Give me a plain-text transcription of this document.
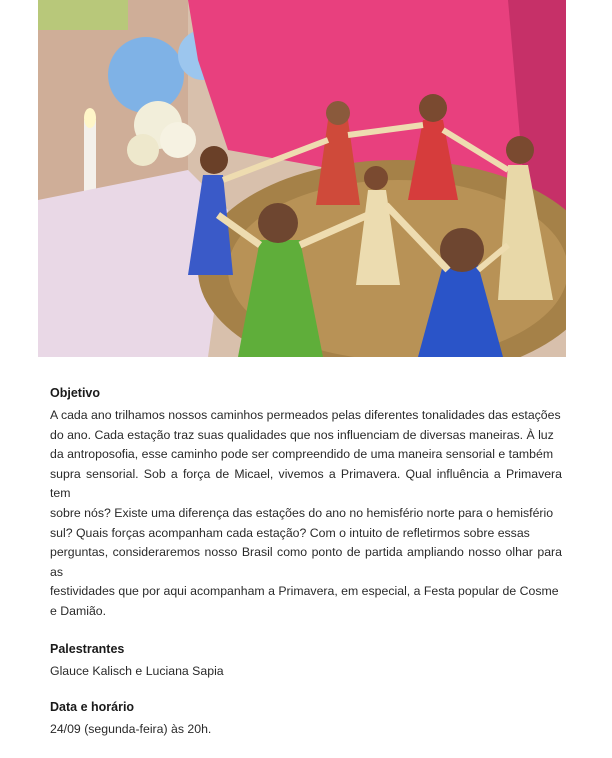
Objetivo

A cada ano trilhamos nossos caminhos permeados pelas diferentes tonalidades das estações
do ano. Cada estação traz suas qualidades que nos influenciam de diversas maneiras. À luz
da antroposofia, esse caminho pode ser compreendido de uma maneira sensorial e também
supra sensorial. Sob a força de Micael, vivemos a Primavera. Qual influência a Primavera tem
sobre nós? Existe uma diferença das estações do ano no hemisfério norte para o hemisfério
sul? Quais forças acompanham cada estação? Com o intuito de refletirmos sobre essas
perguntas, consideraremos nosso Brasil como ponto de partida ampliando nosso olhar para as
festividades que por aqui acompanham a Primavera, em especial, a Festa popular de Cosme
e Damião.

Palestrantes

Glauce Kalisch e Luciana Sapia

Data e horário

24/09 (segunda-feira) às 20h.
